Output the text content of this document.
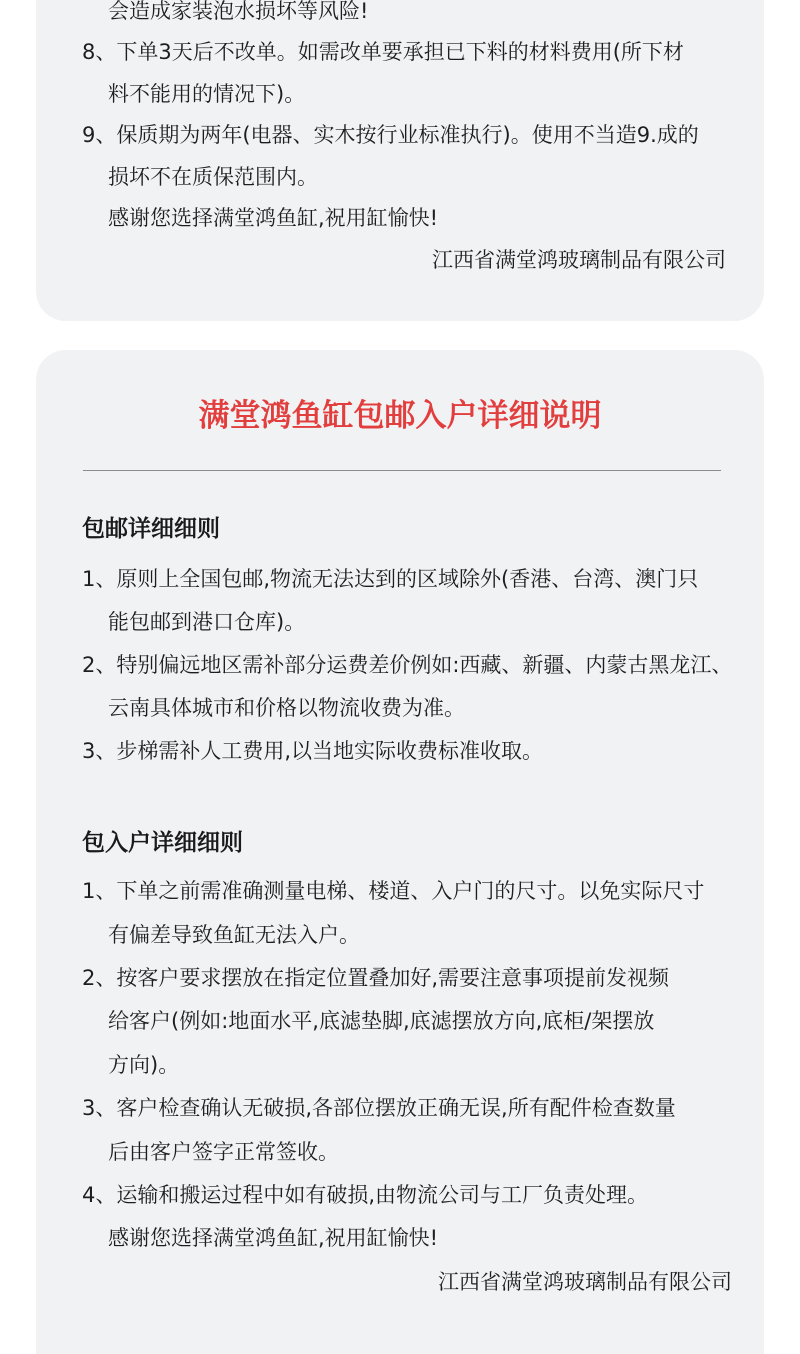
会造成家装泡水损坏等风险!
8、下单3天后不改单。如需改单要承担已下料的材料费用(所下材
料不能用的情况下)。
9、保质期为两年(电器、实木按行业标准执行)。使用不当造9.成的
损坏不在质保范围内。
感谢您选择满堂鸿鱼缸,祝用缸愉快!
江西省满堂鸿玻璃制品有限公司
满堂鸿鱼缸包邮入户详细说明
包邮详细细则
1、原则上全国包邮,物流无法达到的区域除外(香港、台湾、澳门只
能包邮到港口仓库)。
2、特别偏远地区需补部分运费差价例如:西藏、新疆、内蒙古黑龙江、
云南具体城市和价格以物流收费为准。
3、步梯需补人工费用,以当地实际收费标准收取。
包入户详细细则
1、下单之前需准确测量电梯、楼道、入户门的尺寸。以免实际尺寸
有偏差导致鱼缸无法入户。
2、按客户要求摆放在指定位置叠加好,需要注意事项提前发视频
给客户(例如:地面水平,底滤垫脚,底滤摆放方向,底柜/架摆放
方向)。
3、客户检查确认无破损,各部位摆放正确无误,所有配件检查数量
后由客户签字正常签收。
4、运输和搬运过程中如有破损,由物流公司与工厂负责处理。
感谢您选择满堂鸿鱼缸,祝用缸愉快!
江西省满堂鸿玻璃制品有限公司
